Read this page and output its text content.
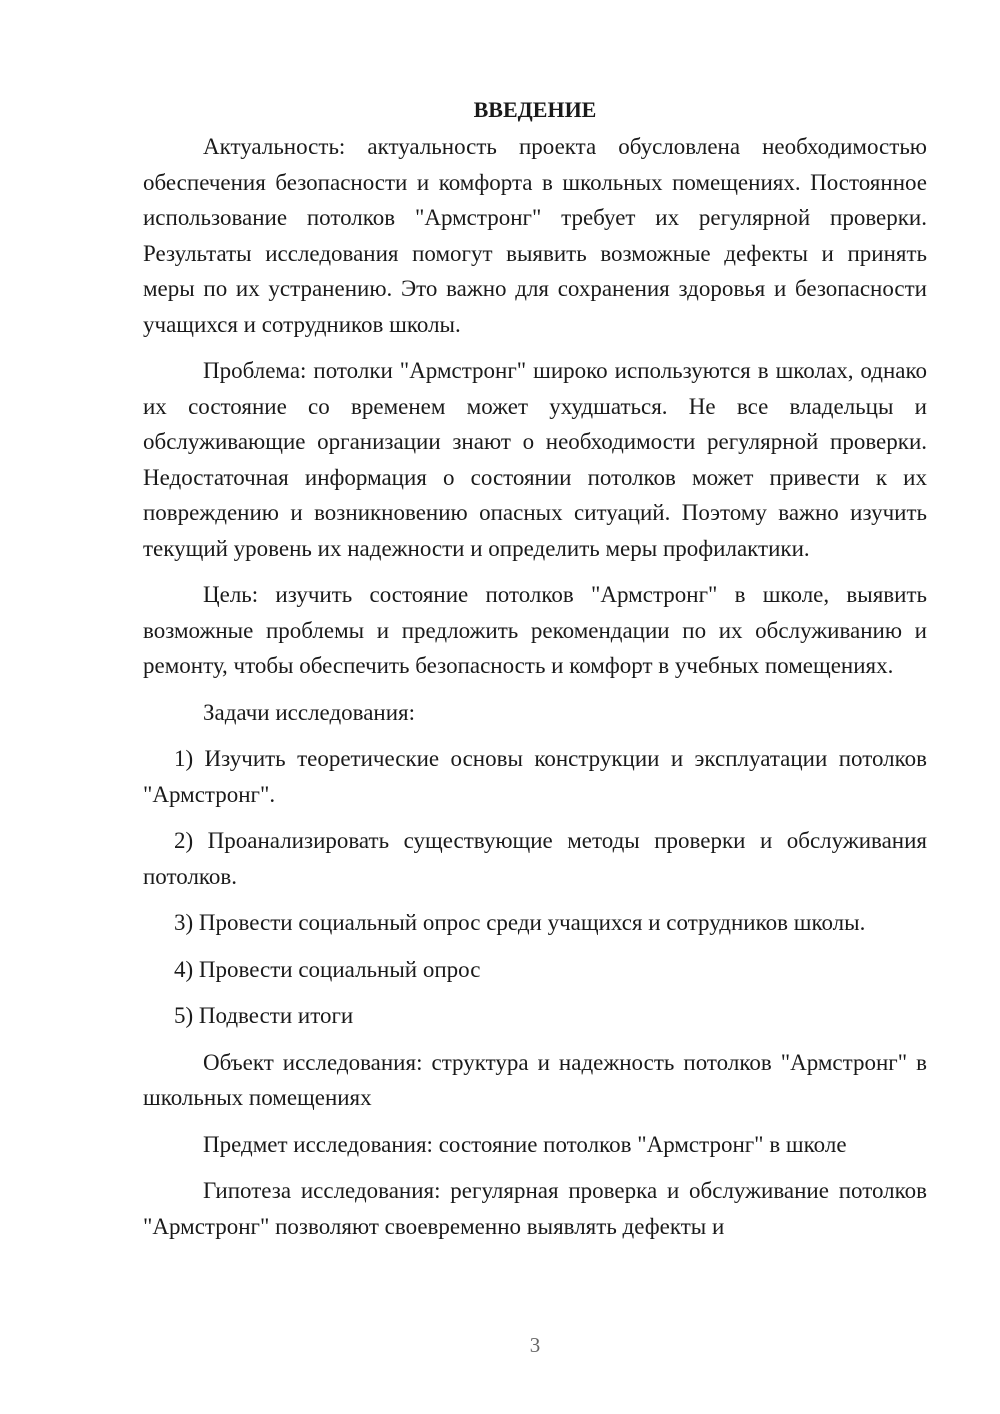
ВВЕДЕНИЕ

Актуальность: актуальность проекта обусловлена необходимостью обеспечения безопасности и комфорта в школьных помещениях. Постоянное использование потолков "Армстронг" требует их регулярной проверки. Результаты исследования помогут выявить возможные дефекты и принять меры по их устранению. Это важно для сохранения здоровья и безопасности учащихся и сотрудников школы.

Проблема: потолки "Армстронг" широко используются в школах, однако их состояние со временем может ухудшаться. Не все владельцы и обслуживающие организации знают о необходимости регулярной проверки. Недостаточная информация о состоянии потолков может привести к их повреждению и возникновению опасных ситуаций. Поэтому важно изучить текущий уровень их надежности и определить меры профилактики.

Цель: изучить состояние потолков "Армстронг" в школе, выявить возможные проблемы и предложить рекомендации по их обслуживанию и ремонту, чтобы обеспечить безопасность и комфорт в учебных помещениях.

Задачи исследования:

1) Изучить теоретические основы конструкции и эксплуатации потолков "Армстронг".

2) Проанализировать существующие методы проверки и обслуживания потолков.

3) Провести социальный опрос среди учащихся и сотрудников школы.

4) Провести социальный опрос

5) Подвести итоги

Объект исследования: структура и надежность потолков "Армстронг" в школьных помещениях

Предмет исследования: состояние потолков "Армстронг" в школе

Гипотеза исследования: регулярная проверка и обслуживание потолков "Армстронг" позволяют своевременно выявлять дефекты и

3
